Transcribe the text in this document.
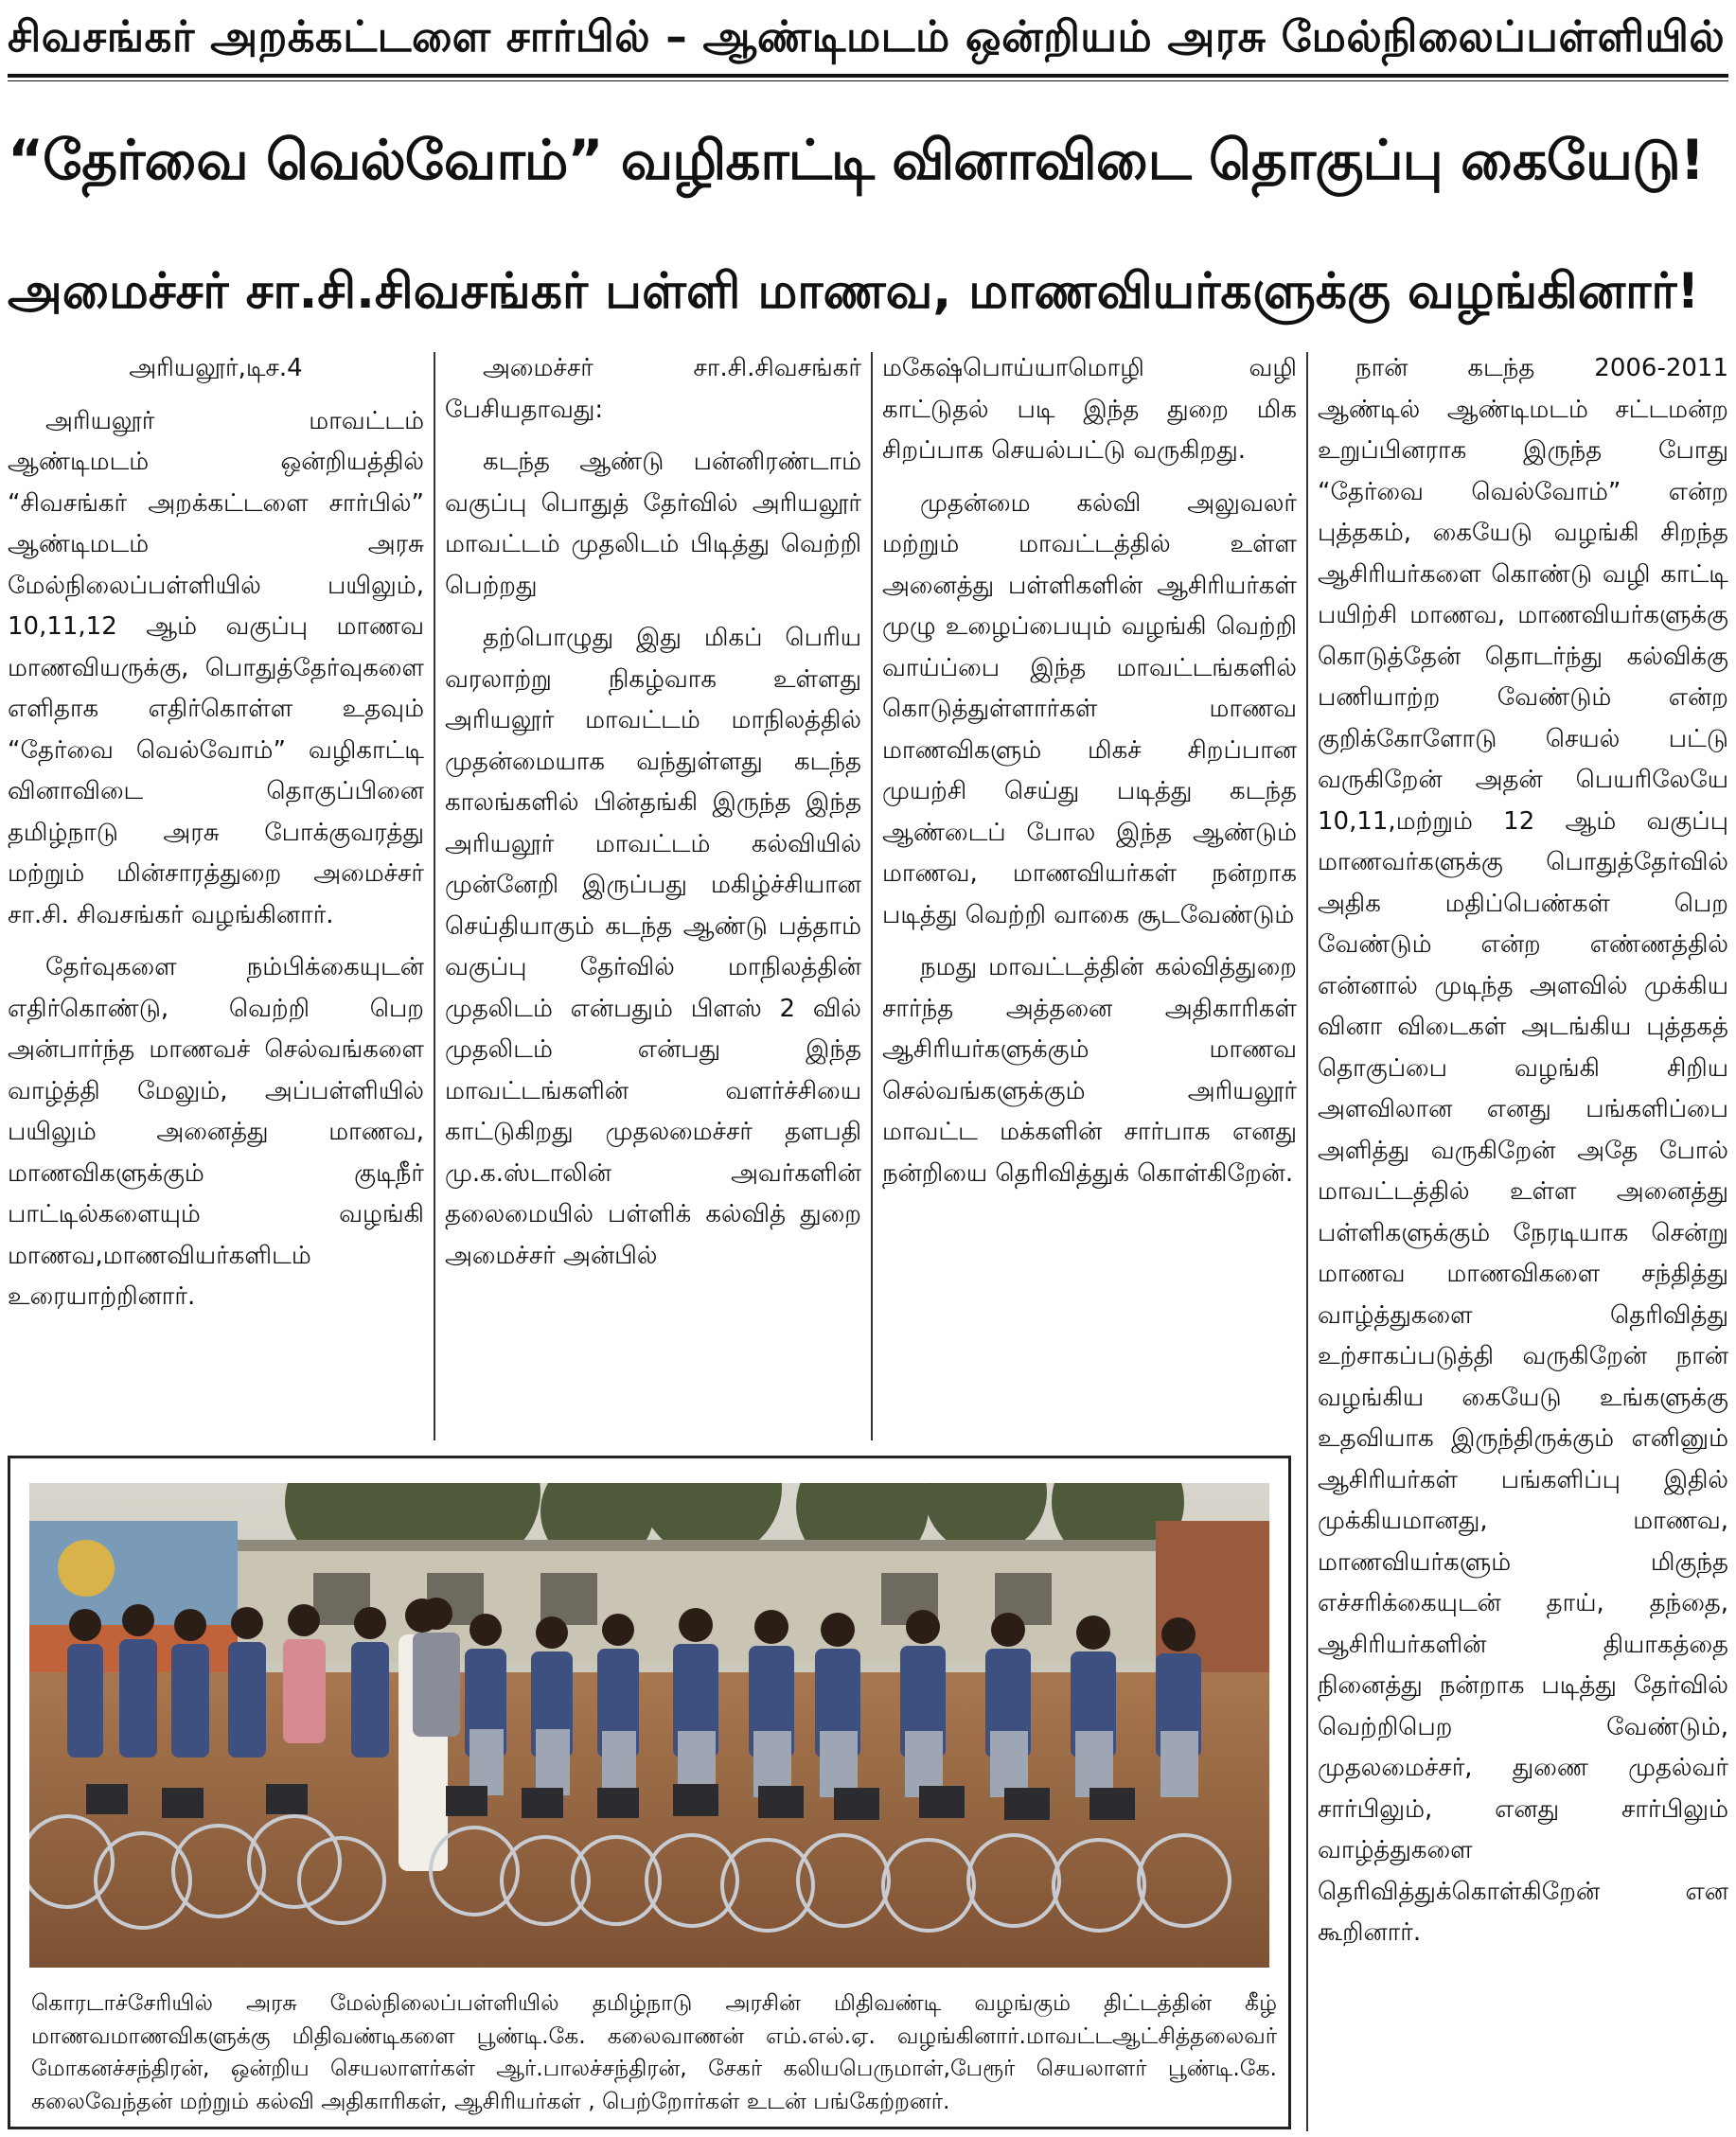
சிவசங்கர் அறக்கட்டளை சார்பில் – ஆண்டிமடம் ஒன்றியம் அரசு மேல்நிலைப்பள்ளியில்
“தேர்வை வெல்வோம்” வழிகாட்டி வினாவிடை தொகுப்பு கையேடு!
அமைச்சர் சா.சி.சிவசங்கர் பள்ளி மாணவ, மாணவியர்களுக்கு வழங்கினார்!

அரியலூர்,டிச.4

அரியலூர் மாவட்டம் ஆண்டிமடம் ஒன்றியத்தில் “சிவசங்கர் அறக்கட்டளை சார்பில்” ஆண்டிமடம் அரசு மேல்நிலைப்பள்ளியில் பயிலும், 10,11,12 ஆம் வகுப்பு மாணவ மாணவியருக்கு, பொதுத்தேர்வுகளை எளிதாக எதிர்கொள்ள உதவும் “தேர்வை வெல்வோம்” வழிகாட்டி வினாவிடை தொகுப்பினை தமிழ்நாடு அரசு போக்குவரத்து மற்றும் மின்சாரத்துறை அமைச்சர் சா.சி. சிவசங்கர் வழங்கினார்.

தேர்வுகளை நம்பிக்கையுடன் எதிர்கொண்டு, வெற்றி பெற அன்பார்ந்த மாணவச் செல்வங்களை வாழ்த்தி மேலும், அப்பள்ளியில் பயிலும் அனைத்து மாணவ, மாணவிகளுக்கும் குடிநீர் பாட்டில்களையும் வழங்கி மாணவ,மாணவியர்களிடம் உரையாற்றினார்.

அமைச்சர் சா.சி.சிவசங்கர் பேசியதாவது:

கடந்த ஆண்டு பன்னிரண்டாம் வகுப்பு பொதுத் தேர்வில் அரியலூர் மாவட்டம் முதலிடம் பிடித்து வெற்றி பெற்றது

தற்பொழுது இது மிகப் பெரிய வரலாற்று நிகழ்வாக உள்ளது அரியலூர் மாவட்டம் மாநிலத்தில் முதன்மையாக வந்துள்ளது கடந்த காலங்களில் பின்தங்கி இருந்த இந்த அரியலூர் மாவட்டம் கல்வியில் முன்னேறி இருப்பது மகிழ்ச்சியான செய்தியாகும் கடந்த ஆண்டு பத்தாம் வகுப்பு தேர்வில் மாநிலத்தின் முதலிடம் என்பதும் பிளஸ் 2 வில் முதலிடம் என்பது இந்த மாவட்டங்களின் வளர்ச்சியை காட்டுகிறது முதலமைச்சர் தளபதி மு.க.ஸ்டாலின் அவர்களின் தலைமையில் பள்ளிக் கல்வித் துறை அமைச்சர் அன்பில்

மகேஷ்பொய்யாமொழி வழி காட்டுதல் படி இந்த துறை மிக சிறப்பாக செயல்பட்டு வருகிறது.

முதன்மை கல்வி அலுவலர் மற்றும் மாவட்டத்தில் உள்ள அனைத்து பள்ளிகளின் ஆசிரியர்கள் முழு உழைப்பையும் வழங்கி வெற்றி வாய்ப்பை இந்த மாவட்டங்களில் கொடுத்துள்ளார்கள் மாணவ மாணவிகளும் மிகச் சிறப்பான முயற்சி செய்து படித்து கடந்த ஆண்டைப் போல இந்த ஆண்டும் மாணவ, மாணவியர்கள் நன்றாக படித்து வெற்றி வாகை சூடவேண்டும்

நமது மாவட்டத்தின் கல்வித்துறை சார்ந்த அத்தனை அதிகாரிகள் ஆசிரியர்களுக்கும் மாணவ செல்வங்களுக்கும் அரியலூர் மாவட்ட மக்களின் சார்பாக எனது நன்றியை தெரிவித்துக் கொள்கிறேன்.

நான் கடந்த 2006-2011 ஆண்டில் ஆண்டிமடம் சட்டமன்ற உறுப்பினராக இருந்த போது “தேர்வை வெல்வோம்” என்ற புத்தகம், கையேடு வழங்கி சிறந்த ஆசிரியர்களை கொண்டு வழி காட்டி பயிற்சி மாணவ, மாணவியர்களுக்கு கொடுத்தேன் தொடர்ந்து கல்விக்கு பணியாற்ற வேண்டும் என்ற குறிக்கோளோடு செயல் பட்டு வருகிறேன் அதன் பெயரிலேயே 10,11,மற்றும் 12 ஆம் வகுப்பு மாணவர்களுக்கு பொதுத்தேர்வில் அதிக மதிப்பெண்கள் பெற வேண்டும் என்ற எண்ணத்தில் என்னால் முடிந்த அளவில் முக்கிய வினா விடைகள் அடங்கிய புத்தகத் தொகுப்பை வழங்கி சிறிய அளவிலான எனது பங்களிப்பை அளித்து வருகிறேன் அதே போல் மாவட்டத்தில் உள்ள அனைத்து பள்ளிகளுக்கும் நேரடியாக சென்று மாணவ மாணவிகளை சந்தித்து வாழ்த்துகளை தெரிவித்து உற்சாகப்படுத்தி வருகிறேன் நான் வழங்கிய கையேடு உங்களுக்கு உதவியாக இருந்திருக்கும் எனினும் ஆசிரியர்கள் பங்களிப்பு இதில் முக்கியமானது, மாணவ, மாணவியர்களும் மிகுந்த எச்சரிக்கையுடன் தாய், தந்தை, ஆசிரியர்களின் தியாகத்தை நினைத்து நன்றாக படித்து தேர்வில் வெற்றிபெற வேண்டும், முதலமைச்சர், துணை முதல்வர் சார்பிலும், எனது சார்பிலும் வாழ்த்துகளை தெரிவித்துக்கொள்கிறேன் என கூறினார்.

கொரடாச்சேரியில் அரசு மேல்நிலைப்பள்ளியில் தமிழ்நாடு அரசின் மிதிவண்டி வழங்கும் திட்டத்தின் கீழ் மாணவமாணவிகளுக்கு மிதிவண்டிகளை பூண்டி.கே. கலைவாணன் எம்.எல்.ஏ. வழங்கினார்.மாவட்டஆட்சித்தலைவர் மோகனச்சந்திரன், ஒன்றிய செயலாளர்கள் ஆர்.பாலச்சந்திரன், சேகர் கலியபெருமாள்,பேரூர் செயலாளர் பூண்டி.கே. கலைவேந்தன் மற்றும் கல்வி அதிகாரிகள், ஆசிரியர்கள் , பெற்றோர்கள் உடன் பங்கேற்றனர்.
